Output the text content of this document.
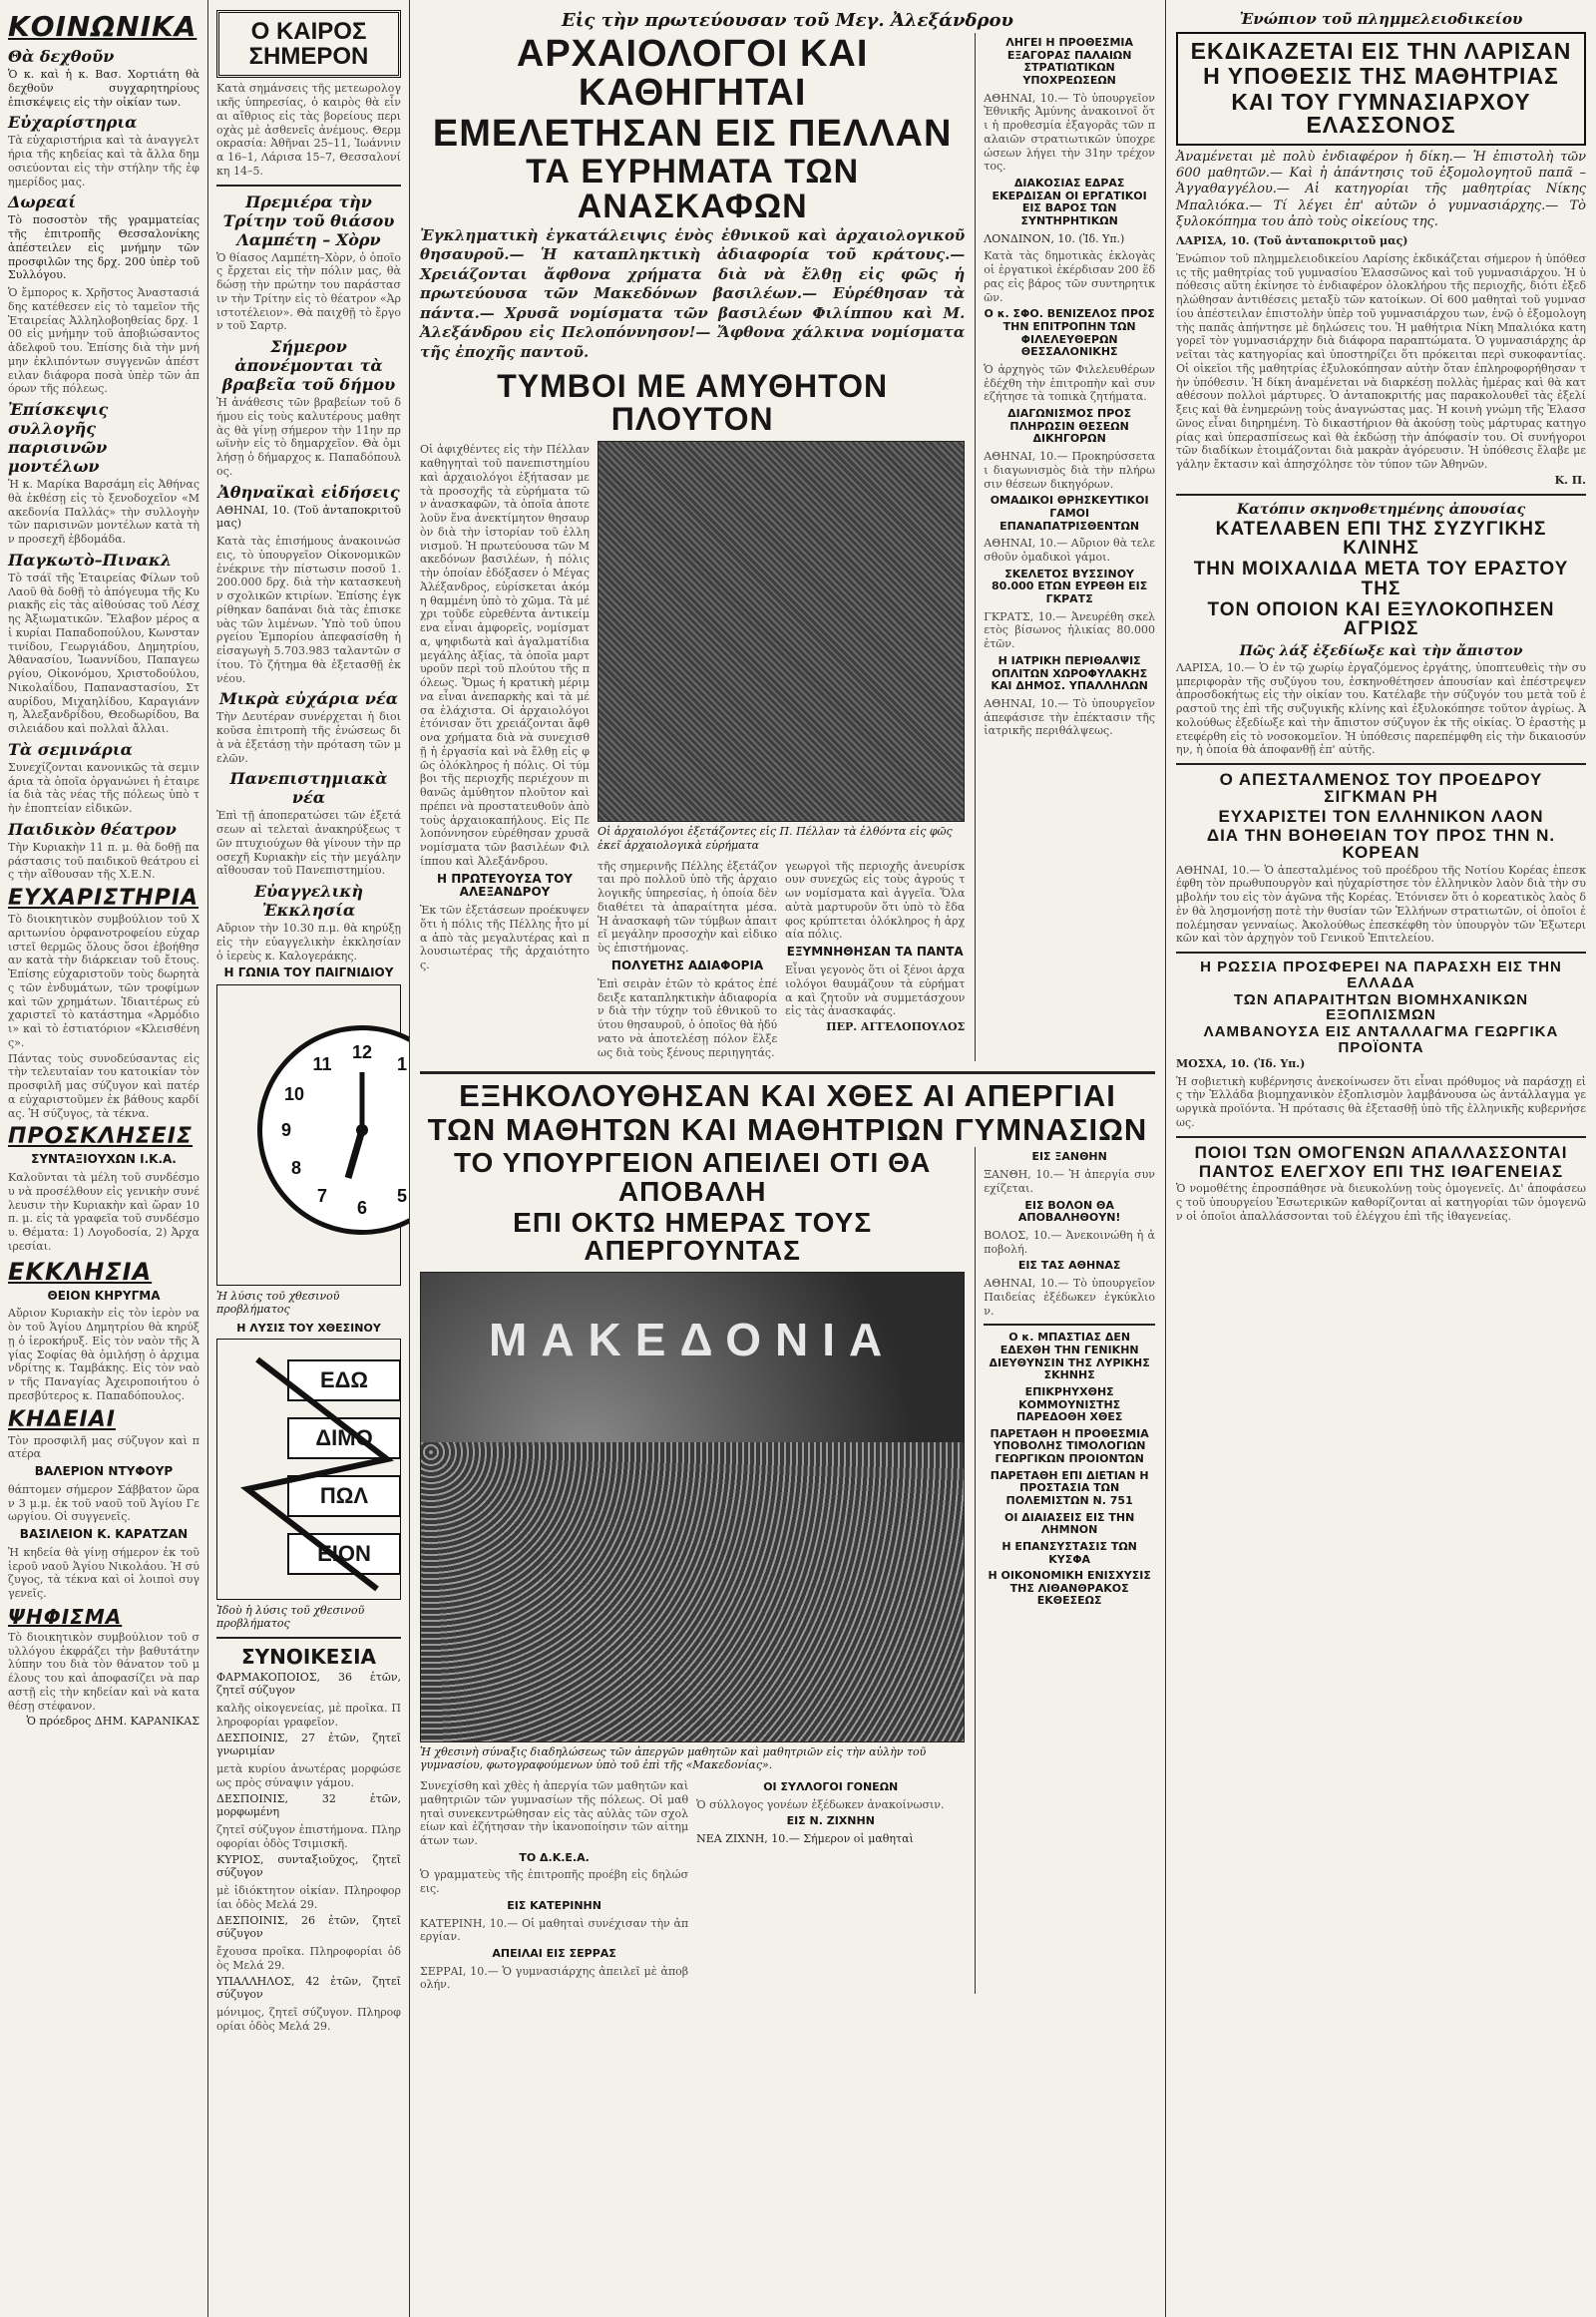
ΚΟΙΝΩΝΙΚΑ
Θὰ δεχθοῦν
Ὁ κ. καὶ ἡ κ. Βασ. Χορτιάτη θὰ δεχθοῦν συγχαρητηρίους ἐπισκέψεις εἰς τὴν οἰκίαν των.
Εὐχαρίστηρια
Τὰ εὐχαριστήρια καὶ τὰ ἀναγγελτήρια τῆς κηδείας καὶ τὰ ἄλλα δημοσιεύονται εἰς τὴν στήλην τῆς ἐφημερίδος μας.
Δωρεαί
Τὸ ποσοστὸν τῆς γραμματείας τῆς ἐπιτροπῆς Θεσσαλονίκης ἀπέστειλεν εἰς μνήμην τῶν προσφιλῶν της δρχ. 200 ὑπὲρ τοῦ Συλλόγου.
Ὁ ἔμπορος κ. Χρῆστος Ἀναστασιάδης κατέθεσεν εἰς τὸ ταμεῖον τῆς Ἑταιρείας Ἀλληλοβοηθείας δρχ. 100 εἰς μνήμην τοῦ ἀποβιώσαντος ἀδελφοῦ του. Ἐπίσης διὰ τὴν μνήμην ἐκλιπόντων συγγενῶν ἀπέστειλαν διάφορα ποσὰ ὑπὲρ τῶν ἀπόρων τῆς πόλεως.
Ἐπίσκεψις συλλογῆς παρισινῶν μοντέλων
Ἡ κ. Μαρίκα Βαρσάμη εἰς Ἀθήνας θὰ ἐκθέσῃ εἰς τὸ ξενοδοχεῖον «Μακεδονία Παλλάς» τὴν συλλογὴν τῶν παρισινῶν μοντέλων κατὰ τὴν προσεχῆ ἑβδομάδα.
Παγκωτὸ–Πινακλ
Τὸ τσάϊ τῆς Ἑταιρείας Φίλων τοῦ Λαοῦ θὰ δοθῇ τὸ ἀπόγευμα τῆς Κυριακῆς εἰς τὰς αἰθούσας τοῦ Λέσχης Ἀξιωματικῶν. Ἔλαβον μέρος αἱ κυρίαι Παπαδοπούλου, Κωνσταντινίδου, Γεωργιάδου, Δημητρίου, Ἀθανασίου, Ἰωαννίδου, Παπαγεωργίου, Οἰκονόμου, Χριστοδούλου, Νικολαΐδου, Παπαναστασίου, Σταυρίδου, Μιχαηλίδου, Καραγιάννη, Ἀλεξανδρίδου, Θεοδωρίδου, Βασιλειάδου καὶ πολλαὶ ἄλλαι.
Τὰ σεμινάρια
Συνεχίζονται κανονικῶς τὰ σεμινάρια τὰ ὁποῖα ὀργανώνει ἡ ἑταιρεία διὰ τὰς νέας τῆς πόλεως ὑπὸ τὴν ἐποπτείαν εἰδικῶν.
Παιδικὸν θέατρον
Τὴν Κυριακὴν 11 π. μ. θὰ δοθῇ παράστασις τοῦ παιδικοῦ θεάτρου εἰς τὴν αἴθουσαν τῆς Χ.Ε.Ν.
ΕΥΧΑΡΙΣΤΗΡΙΑ
Τὸ διοικητικὸν συμβούλιον τοῦ Χαριτωνίου ὁρφανοτροφείου εὐχαριστεῖ θερμῶς ὅλους ὅσοι ἐβοήθησαν κατὰ τὴν διάρκειαν τοῦ ἔτους. Ἐπίσης εὐχαριστοῦν τοὺς δωρητὰς τῶν ἐνδυμάτων, τῶν τροφίμων καὶ τῶν χρημάτων. Ἰδιαιτέρως εὐχαριστεῖ τὸ κατάστημα «Ἀρμόδιοι» καὶ τὸ ἑστιατόριον «Κλεισθένης».
Πάντας τοὺς συνοδεύσαντας εἰς τὴν τελευταίαν του κατοικίαν τὸν προσφιλῆ μας σύζυγον καὶ πατέρα εὐχαριστοῦμεν ἐκ βάθους καρδίας. Ἡ σύζυγος, τὰ τέκνα.
ΠΡΟΣΚΛΗΣΕΙΣ
ΣΥΝΤΑΞΙΟΥΧΩΝ Ι.Κ.Α.
Καλοῦνται τὰ μέλη τοῦ συνδέσμου νὰ προσέλθουν εἰς γενικὴν συνέλευσιν τὴν Κυριακὴν καὶ ὥραν 10 π. μ. εἰς τὰ γραφεῖα τοῦ συνδέσμου. Θέματα: 1) Λογοδοσία, 2) Ἀρχαιρεσίαι.
ΕΚΚΛΗΣΙΑ
ΘΕΙΟΝ ΚΗΡΥΓΜΑ
Αὔριον Κυριακὴν εἰς τὸν ἱερὸν ναὸν τοῦ Ἁγίου Δημητρίου θὰ κηρύξῃ ὁ ἱεροκήρυξ. Εἰς τὸν ναὸν τῆς Ἁγίας Σοφίας θὰ ὁμιλήσῃ ὁ ἀρχιμανδρίτης κ. Ταμβάκης. Εἰς τὸν ναὸν τῆς Παναγίας Ἀχειροποιήτου ὁ πρεσβύτερος κ. Παπαδόπουλος.
ΚΗΔΕΙΑΙ
Τὸν προσφιλῆ μας σύζυγον καὶ πατέρα
ΒΑΛΕΡΙΟΝ ΝΤΥΦΟΥΡ
θάπτομεν σήμερον Σάββατον ὥραν 3 μ.μ. ἐκ τοῦ ναοῦ τοῦ Ἁγίου Γεωργίου. Οἱ συγγενεῖς.
ΒΑΣΙΛΕΙΟΝ Κ. ΚΑΡΑΤΖΑΝ
Ἡ κηδεία θὰ γίνῃ σήμερον ἐκ τοῦ ἱεροῦ ναοῦ Ἁγίου Νικολάου. Ἡ σύζυγος, τὰ τέκνα καὶ οἱ λοιποὶ συγγενεῖς.
ΨΗΦΙΣΜΑ
Τὸ διοικητικὸν συμβούλιον τοῦ συλλόγου ἐκφράζει τὴν βαθυτάτην λύπην του διὰ τὸν θάνατον τοῦ μέλους του καὶ ἀποφασίζει νὰ παραστῇ εἰς τὴν κηδείαν καὶ νὰ καταθέσῃ στέφανον.
Ὁ πρόεδρος ΔΗΜ. ΚΑΡΑΝΙΚΑΣ
Ο ΚΑΙΡΟΣ ΣΗΜΕΡΟΝ
Κατὰ σημάνσεις τῆς μετεωρολογικῆς ὑπηρεσίας, ὁ καιρὸς θὰ εἶναι αἴθριος εἰς τὰς βορείους περιοχὰς μὲ ἀσθενεῖς ἀνέμους. Θερμοκρασία: Ἀθῆναι 25–11, Ἰωάννινα 16–1, Λάρισα 15–7, Θεσσαλονίκη 14–5.
Πρεμιέρα τὴν Τρίτην τοῦ θιάσου Λαμπέτη – Χὸρν
Ὁ θίασος Λαμπέτη–Χὸρν, ὁ ὁποῖος ἔρχεται εἰς τὴν πόλιν μας, θὰ δώσῃ τὴν πρώτην του παράστασιν τὴν Τρίτην εἰς τὸ θέατρον «Ἀριστοτέλειον». Θὰ παιχθῇ τὸ ἔργον τοῦ Σαρτρ.
Σήμερον ἀπονέμονται τὰ βραβεῖα τοῦ δήμου
Ἡ ἀνάθεσις τῶν βραβείων τοῦ δήμου εἰς τοὺς καλυτέρους μαθητὰς θὰ γίνῃ σήμερον τὴν 11ην πρωϊνὴν εἰς τὸ δημαρχεῖον. Θὰ ὁμιλήσῃ ὁ δήμαρχος κ. Παπαδόπουλος.
Ἀθηναϊκαὶ εἰδήσεις
ΑΘΗΝΑΙ, 10. (Τοῦ ἀνταποκριτοῦ μας)
Κατὰ τὰς ἐπισήμους ἀνακοινώσεις, τὸ ὑπουργεῖον Οἰκονομικῶν ἐνέκρινε τὴν πίστωσιν ποσοῦ 1.200.000 δρχ. διὰ τὴν κατασκευὴν σχολικῶν κτιρίων. Ἐπίσης ἐγκρίθηκαν δαπάναι διὰ τὰς ἐπισκευὰς τῶν λιμένων. Ὑπὸ τοῦ ὑπουργείου Ἐμπορίου ἀπεφασίσθη ἡ εἰσαγωγὴ 5.703.983 ταλαντῶν σίτου. Τὸ ζήτημα θὰ ἐξετασθῇ ἐκ νέου.
Μικρὰ εὐχάρια νέα
Τὴν Δευτέραν συνέρχεται ἡ διοικοῦσα ἐπιτροπὴ τῆς ἑνώσεως διὰ νὰ ἐξετάσῃ τὴν πρόταση τῶν μελῶν.
Πανεπιστημιακὰ νέα
Ἐπὶ τῇ ἀποπερατώσει τῶν ἐξετάσεων αἱ τελεταὶ ἀνακηρύξεως τῶν πτυχιούχων θὰ γίνουν τὴν προσεχῆ Κυριακὴν εἰς τὴν μεγάλην αἴθουσαν τοῦ Πανεπιστημίου.
Εὐαγγελικὴ Ἐκκλησία
Αὔριον τὴν 10.30 π.μ. θὰ κηρύξῃ εἰς τὴν εὐαγγελικὴν ἐκκλησίαν ὁ ἱερεὺς κ. Καλογεράκης.
Η ΓΩΝΙΑ ΤΟΥ ΠΑΙΓΝΙΔΙΟΥ
12
1
5
6
7
8
9
10
11
Ἡ λύσις τοῦ χθεσινοῦ προβλήματος
Η ΛΥΣΙΣ ΤΟΥ ΧΘΕΣΙΝΟΥ
ΕΔΩ
ΔΙΜΟ
ΠΩΛ
ΕΙΟΝ
Ἰδοὺ ἡ λύσις τοῦ χθεσινοῦ προβλήματος
ΣΥΝΟΙΚΕΣΙΑ
ΦΑΡΜΑΚΟΠΟΙΟΣ, 36 ἐτῶν, ζητεῖ σύζυγον
καλῆς οἰκογενείας, μὲ προῖκα. Πληροφορίαι γραφεῖον.
ΔΕΣΠΟΙΝΙΣ, 27 ἐτῶν, ζητεῖ γνωριμίαν
μετὰ κυρίου ἀνωτέρας μορφώσεως πρὸς σύναψιν γάμου.
ΔΕΣΠΟΙΝΙΣ, 32 ἐτῶν, μορφωμένη
ζητεῖ σύζυγον ἐπιστήμονα. Πληροφορίαι ὁδὸς Τσιμισκῆ.
ΚΥΡΙΟΣ, συνταξιοῦχος, ζητεῖ σύζυγον
μὲ ἰδιόκτητον οἰκίαν. Πληροφορίαι ὁδὸς Μελά 29.
ΔΕΣΠΟΙΝΙΣ, 26 ἐτῶν, ζητεῖ σύζυγον
ἔχουσα προῖκα. Πληροφορίαι ὁδὸς Μελά 29.
ΥΠΑΛΛΗΛΟΣ, 42 ἐτῶν, ζητεῖ σύζυγον
μόνιμος, ζητεῖ σύζυγον. Πληροφορίαι ὁδὸς Μελά 29.
Εἰς τὴν πρωτεύουσαν τοῦ Μεγ. Ἀλεξάνδρου
ΑΡΧΑΙΟΛΟΓΟΙ ΚΑΙ ΚΑΘΗΓΗΤΑΙ
ΕΜΕΛΕΤΗΣΑΝ ΕΙΣ ΠΕΛΛΑΝ
ΤΑ ΕΥΡΗΜΑΤΑ ΤΩΝ ΑΝΑΣΚΑΦΩΝ
Ἐγκληματικὴ ἐγκατάλειψις ἑνὸς ἐθνικοῦ καὶ ἀρχαιολογικοῦ θησαυροῦ.— Ἡ καταπληκτικὴ ἀδιαφορία τοῦ κράτους.— Χρειάζονται ἄφθονα χρήματα διὰ νὰ ἔλθῃ εἰς φῶς ἡ πρωτεύουσα τῶν Μακεδόνων βασιλέων.— Εὑρέθησαν τὰ πάντα.— Χρυσᾶ νομίσματα τῶν βασιλέων Φιλίππου καὶ Μ. Ἀλεξάνδρου εἰς Πελοπόννησον!— Ἄφθονα χάλκινα νομίσματα τῆς ἐποχῆς παντοῦ.
ΤΥΜΒΟΙ ΜΕ ΑΜΥΘΗΤΟΝ ΠΛΟΥΤΟΝ
Οἱ ἀφιχθέντες εἰς τὴν Πέλλαν καθηγηταὶ τοῦ πανεπιστημίου καὶ ἀρχαιολόγοι ἐξήτασαν μετὰ προσοχῆς τὰ εὑρήματα τῶν ἀνασκαφῶν, τὰ ὁποῖα ἀποτελοῦν ἕνα ἀνεκτίμητον θησαυρὸν διὰ τὴν ἱστορίαν τοῦ ἑλληνισμοῦ. Ἡ πρωτεύουσα τῶν Μακεδόνων βασιλέων, ἡ πόλις τὴν ὁποίαν ἐδόξασεν ὁ Μέγας Ἀλέξανδρος, εὑρίσκεται ἀκόμη θαμμένη ὑπὸ τὸ χῶμα. Τὰ μέχρι τοῦδε εὑρεθέντα ἀντικείμενα εἶναι ἀμφορεῖς, νομίσματα, ψηφιδωτὰ καὶ ἀγαλματίδια μεγάλης ἀξίας, τὰ ὁποῖα μαρτυροῦν περὶ τοῦ πλούτου τῆς πόλεως. Ὅμως ἡ κρατικὴ μέριμνα εἶναι ἀνεπαρκὴς καὶ τὰ μέσα ἐλάχιστα. Οἱ ἀρχαιολόγοι ἐτόνισαν ὅτι χρειάζονται ἄφθονα χρήματα διὰ νὰ συνεχισθῇ ἡ ἐργασία καὶ νὰ ἔλθῃ εἰς φῶς ὁλόκληρος ἡ πόλις. Οἱ τύμβοι τῆς περιοχῆς περιέχουν πιθανῶς ἀμύθητον πλοῦτον καὶ πρέπει νὰ προστατευθοῦν ἀπὸ τοὺς ἀρχαιοκαπήλους. Εἰς Πελοπόννησον εὑρέθησαν χρυσᾶ νομίσματα τῶν βασιλέων Φιλίππου καὶ Ἀλεξάνδρου.
Η ΠΡΩΤΕΥΟΥΣΑ ΤΟΥ ΑΛΕΞΑΝΔΡΟΥ
Ἐκ τῶν ἐξετάσεων προέκυψεν ὅτι ἡ πόλις τῆς Πέλλης ἦτο μία ἀπὸ τὰς μεγαλυτέρας καὶ πλουσιωτέρας τῆς ἀρχαιότητος.
Οἱ ἀρχαιολόγοι ἐξετάζοντες εἰς Π. Πέλλαν τὰ ἐλθόντα εἰς φῶς ἐκεῖ ἀρχαιολογικὰ εὑρήματα
τῆς σημερινῆς Πέλλης ἐξετάζονται πρὸ πολλοῦ ὑπὸ τῆς ἀρχαιολογικῆς ὑπηρεσίας, ἡ ὁποία δὲν διαθέτει τὰ ἀπαραίτητα μέσα. Ἡ ἀνασκαφὴ τῶν τύμβων ἀπαιτεῖ μεγάλην προσοχὴν καὶ εἰδικοὺς ἐπιστήμονας.
ΠΟΛΥΕΤΗΣ ΑΔΙΑΦΟΡΙΑ
Ἐπὶ σειρὰν ἐτῶν τὸ κράτος ἐπέδειξε καταπληκτικὴν ἀδιαφορίαν διὰ τὴν τύχην τοῦ ἐθνικοῦ τούτου θησαυροῦ, ὁ ὁποῖος θὰ ἠδύνατο νὰ ἀποτελέσῃ πόλον ἕλξεως διὰ τοὺς ξένους περιηγητάς.
γεωργοὶ τῆς περιοχῆς ἀνευρίσκουν συνεχῶς εἰς τοὺς ἀγρούς των νομίσματα καὶ ἀγγεῖα. Ὅλα αὐτὰ μαρτυροῦν ὅτι ὑπὸ τὸ ἔδαφος κρύπτεται ὁλόκληρος ἡ ἀρχαία πόλις.
ΕΞΥΜΝΗΘΗΣΑΝ ΤΑ ΠΑΝΤΑ
Εἶναι γεγονὸς ὅτι οἱ ξένοι ἀρχαιολόγοι θαυμάζουν τὰ εὑρήματα καὶ ζητοῦν νὰ συμμετάσχουν εἰς τὰς ἀνασκαφάς.
ΠΕΡ. ΑΓΓΕΛΟΠΟΥΛΟΣ
ΛΗΓΕΙ Η ΠΡΟΘΕΣΜΙΑ ΕΞΑΓΟΡΑΣ ΠΑΛΑΙΩΝ ΣΤΡΑΤΙΩΤΙΚΩΝ ΥΠΟΧΡΕΩΣΕΩΝ
ΑΘΗΝΑΙ, 10.— Τὸ ὑπουργεῖον Ἐθνικῆς Ἀμύνης ἀνακοινοῖ ὅτι ἡ προθεσμία ἐξαγορᾶς τῶν παλαιῶν στρατιωτικῶν ὑποχρεώσεων λήγει τὴν 31ην τρέχοντος.
ΔΙΑΚΟΣΙΑΣ ΕΔΡΑΣ ΕΚΕΡΔΙΣΑΝ ΟΙ ΕΡΓΑΤΙΚΟΙ ΕΙΣ ΒΑΡΟΣ ΤΩΝ ΣΥΝΤΗΡΗΤΙΚΩΝ
ΛΟΝΔΙΝΟΝ, 10. (Ἰδ. Υπ.)
Κατὰ τὰς δημοτικὰς ἐκλογὰς οἱ ἐργατικοὶ ἐκέρδισαν 200 ἕδρας εἰς βάρος τῶν συντηρητικῶν.
Ο κ. ΣΦΟ. ΒΕΝΙΖΕΛΟΣ ΠΡΟΣ ΤΗΝ ΕΠΙΤΡΟΠΗΝ ΤΩΝ ΦΙΛΕΛΕΥΘΕΡΩΝ ΘΕΣΣΑΛΟΝΙΚΗΣ
Ὁ ἀρχηγὸς τῶν Φιλελευθέρων ἐδέχθη τὴν ἐπιτροπὴν καὶ συνεζήτησε τὰ τοπικὰ ζητήματα.
ΔΙΑΓΩΝΙΣΜΟΣ ΠΡΟΣ ΠΛΗΡΩΣΙΝ ΘΕΣΕΩΝ ΔΙΚΗΓΟΡΩΝ
ΑΘΗΝΑΙ, 10.— Προκηρύσσεται διαγωνισμὸς διὰ τὴν πλήρωσιν θέσεων δικηγόρων.
ΟΜΑΔΙΚΟΙ ΘΡΗΣΚΕΥΤΙΚΟΙ ΓΑΜΟΙ ΕΠΑΝΑΠΑΤΡΙΣΘΕΝΤΩΝ
ΑΘΗΝΑΙ, 10.— Αὔριον θὰ τελεσθοῦν ὁμαδικοὶ γάμοι.
ΣΚΕΛΕΤΟΣ ΒΥΣΣΙΝΟΥ 80.000 ΕΤΩΝ ΕΥΡΕΘΗ ΕΙΣ ΓΚΡΑΤΣ
ΓΚΡΑΤΣ, 10.— Ἀνευρέθη σκελετὸς βίσωνος ἡλικίας 80.000 ἐτῶν.
Η ΙΑΤΡΙΚΗ ΠΕΡΙΘΑΛΨΙΣ ΟΠΛΙΤΩΝ ΧΩΡΟΦΥΛΑΚΗΣ ΚΑΙ ΔΗΜΟΣ. ΥΠΑΛΛΗΛΩΝ
ΑΘΗΝΑΙ, 10.— Τὸ ὑπουργεῖον ἀπεφάσισε τὴν ἐπέκτασιν τῆς ἰατρικῆς περιθάλψεως.
ΕΞΗΚΟΛΟΥΘΗΣΑΝ ΚΑΙ ΧΘΕΣ ΑΙ ΑΠΕΡΓΙΑΙ
ΤΩΝ ΜΑΘΗΤΩΝ ΚΑΙ ΜΑΘΗΤΡΙΩΝ ΓΥΜΝΑΣΙΩΝ
ΤΟ ΥΠΟΥΡΓΕΙΟΝ ΑΠΕΙΛΕΙ ΟΤΙ ΘΑ ΑΠΟΒΑΛΗ
ΕΠΙ ΟΚΤΩ ΗΜΕΡΑΣ ΤΟΥΣ ΑΠΕΡΓΟΥΝΤΑΣ
ΜΑΚΕΔΟΝΙΑ
Ἡ χθεσινὴ σύναξις διαδηλώσεως τῶν ἀπεργῶν μαθητῶν καὶ μαθητριῶν εἰς τὴν αὐλὴν τοῦ γυμνασίου, φωτογραφούμενων ὑπὸ τοῦ ἐπὶ τῆς «Μακεδονίας».
Συνεχίσθη καὶ χθὲς ἡ ἀπεργία τῶν μαθητῶν καὶ μαθητριῶν τῶν γυμνασίων τῆς πόλεως. Οἱ μαθηταὶ συνεκεντρώθησαν εἰς τὰς αὐλὰς τῶν σχολείων καὶ ἐζήτησαν τὴν ἱκανοποίησιν τῶν αἰτημάτων των.
ΤΟ Δ.Κ.Ε.Α.
Ὁ γραμματεὺς τῆς ἐπιτροπῆς προέβη εἰς δηλώσεις.
ΕΙΣ ΚΑΤΕΡΙΝΗΝ
ΚΑΤΕΡΙΝΗ, 10.— Οἱ μαθηταὶ συνέχισαν τὴν ἀπεργίαν.
ΑΠΕΙΛΑΙ ΕΙΣ ΣΕΡΡΑΣ
ΣΕΡΡΑΙ, 10.— Ὁ γυμνασιάρχης ἀπειλεῖ μὲ ἀποβολήν.
ΟΙ ΣΥΛΛΟΓΟΙ ΓΟΝΕΩΝ
Ὁ σύλλογος γονέων ἐξέδωκεν ἀνακοίνωσιν.
ΕΙΣ Ν. ΖΙΧΝΗΝ
ΝΕΑ ΖΙΧΝΗ, 10.— Σήμερον οἱ μαθηταὶ
ΕΙΣ ΞΑΝΘΗΝ
ΞΑΝΘΗ, 10.— Ἡ ἀπεργία συνεχίζεται.
ΕΙΣ ΒΟΛΟΝ ΘΑ ΑΠΟΒΑΛΗΘΟΥΝ!
ΒΟΛΟΣ, 10.— Ἀνεκοινώθη ἡ ἀποβολή.
ΕΙΣ ΤΑΣ ΑΘΗΝΑΣ
ΑΘΗΝΑΙ, 10.— Τὸ ὑπουργεῖον Παιδείας ἐξέδωκεν ἐγκύκλιον.
Ο κ. ΜΠΑΣΤΙΑΣ ΔΕΝ ΕΔΕΧΘΗ ΤΗΝ ΓΕΝΙΚΗΝ ΔΙΕΥΘΥΝΣΙΝ ΤΗΣ ΛΥΡΙΚΗΣ ΣΚΗΝΗΣ
ΕΠΙΚΡΗΥΧΘΗΣ ΚΟΜΜΟΥΝΙΣΤΗΣ ΠΑΡΕΔΟΘΗ ΧΘΕΣ
ΠΑΡΕΤΑΘΗ Η ΠΡΟΘΕΣΜΙΑ ΥΠΟΒΟΛΗΣ ΤΙΜΟΛΟΓΙΩΝ ΓΕΩΡΓΙΚΩΝ ΠΡΟΙΟΝΤΩΝ
ΠΑΡΕΤΑΘΗ ΕΠΙ ΔΙΕΤΙΑΝ Η ΠΡΟΣΤΑΣΙΑ ΤΩΝ ΠΟΛΕΜΙΣΤΩΝ Ν. 751
ΟΙ ΔΙΑΙΑΣΕΙΣ ΕΙΣ ΤΗΝ ΛΗΜΝΟΝ
Η ΕΠΑΝΣΥΣΤΑΣΙΣ ΤΩΝ ΚΥΣΦΑ
Η ΟΙΚΟΝΟΜΙΚΗ ΕΝΙΣΧΥΣΙΣ ΤΗΣ ΛΙΘΑΝΘΡΑΚΟΣ ΕΚΘΕΣΕΩΣ
Ἐνώπιον τοῦ πλημμελειοδικείου
ΕΚΔΙΚΑΖΕΤΑΙ ΕΙΣ ΤΗΝ ΛΑΡΙΣΑΝ
Η ΥΠΟΘΕΣΙΣ ΤΗΣ ΜΑΘΗΤΡΙΑΣ
ΚΑΙ ΤΟΥ ΓΥΜΝΑΣΙΑΡΧΟΥ ΕΛΑΣΣΟΝΟΣ
Ἀναμένεται μὲ πολὺ ἐνδιαφέρον ἡ δίκη.— Ἡ ἐπιστολὴ τῶν 600 μαθητῶν.— Καὶ ἡ ἀπάντησις τοῦ ἐξομολογητοῦ παπᾶ – Ἀγγαθαγγέλου.— Αἱ κατηγορίαι τῆς μαθητρίας Νίκης Μπαλιόκα.— Τί λέγει ἐπ' αὐτῶν ὁ γυμνασιάρχης.— Τὸ ξυλοκόπημα του ἀπὸ τοὺς οἰκείους της.
ΛΑΡΙΣΑ, 10. (Τοῦ ἀνταποκριτοῦ μας)
Ἐνώπιον τοῦ πλημμελειοδικείου Λαρίσης ἐκδικάζεται σήμερον ἡ ὑπόθεσις τῆς μαθητρίας τοῦ γυμνασίου Ἐλασσῶνος καὶ τοῦ γυμνασιάρχου. Ἡ ὑπόθεσις αὕτη ἐκίνησε τὸ ἐνδιαφέρον ὁλοκλήρου τῆς περιοχῆς, διότι ἐξεδηλώθησαν ἀντιθέσεις μεταξὺ τῶν κατοίκων. Οἱ 600 μαθηταὶ τοῦ γυμνασίου ἀπέστειλαν ἐπιστολὴν ὑπὲρ τοῦ γυμνασιάρχου των, ἐνῷ ὁ ἐξομολογητὴς παπᾶς ἀπήντησε μὲ δηλώσεις του. Ἡ μαθήτρια Νίκη Μπαλιόκα κατηγορεῖ τὸν γυμνασιάρχην διὰ διάφορα παραπτώματα. Ὁ γυμνασιάρχης ἀρνεῖται τὰς κατηγορίας καὶ ὑποστηρίζει ὅτι πρόκειται περὶ συκοφαντίας. Οἱ οἰκεῖοι τῆς μαθητρίας ἐξυλοκόπησαν αὐτὴν ὅταν ἐπληροφορήθησαν τὴν ὑπόθεσιν. Ἡ δίκη ἀναμένεται νὰ διαρκέσῃ πολλὰς ἡμέρας καὶ θὰ καταθέσουν πολλοὶ μάρτυρες. Ὁ ἀνταποκριτής μας παρακολουθεῖ τὰς ἐξελίξεις καὶ θὰ ἐνημερώνῃ τοὺς ἀναγνώστας μας. Ἡ κοινὴ γνώμη τῆς Ἐλασσῶνος εἶναι διηρημένη. Τὸ δικαστήριον θὰ ἀκούσῃ τοὺς μάρτυρας κατηγορίας καὶ ὑπερασπίσεως καὶ θὰ ἐκδώσῃ τὴν ἀπόφασίν του. Οἱ συνήγοροι τῶν διαδίκων ἑτοιμάζονται διὰ μακρὰν ἀγόρευσιν. Ἡ ὑπόθεσις ἔλαβε μεγάλην ἔκτασιν καὶ ἀπησχόλησε τὸν τύπον τῶν Ἀθηνῶν.
Κ. Π.
Κατόπιν σκηνοθετημένης ἀπουσίας
ΚΑΤΕΛΑΒΕΝ ΕΠΙ ΤΗΣ ΣΥΖΥΓΙΚΗΣ ΚΛΙΝΗΣ
ΤΗΝ ΜΟΙΧΑΛΙΔΑ ΜΕΤΑ ΤΟΥ ΕΡΑΣΤΟΥ ΤΗΣ
ΤΟΝ ΟΠΟΙΟΝ ΚΑΙ ΕΞΥΛΟΚΟΠΗΣΕΝ ΑΓΡΙΩΣ
Πῶς λάξ ἐξεδίωξε καὶ τὴν ἄπιστον
ΛΑΡΙΣΑ, 10.— Ὁ ἐν τῷ χωρίῳ ἐργαζόμενος ἐργάτης, ὑποπτευθεὶς τὴν συμπεριφορὰν τῆς συζύγου του, ἐσκηνοθέτησεν ἀπουσίαν καὶ ἐπέστρεψεν ἀπροσδοκήτως εἰς τὴν οἰκίαν του. Κατέλαβε τὴν σύζυγόν του μετὰ τοῦ ἐραστοῦ της ἐπὶ τῆς συζυγικῆς κλίνης καὶ ἐξυλοκόπησε τοῦτον ἀγρίως. Ἀκολούθως ἐξεδίωξε καὶ τὴν ἄπιστον σύζυγον ἐκ τῆς οἰκίας. Ὁ ἐραστὴς μετεφέρθη εἰς τὸ νοσοκομεῖον. Ἡ ὑπόθεσις παρεπέμφθη εἰς τὴν δικαιοσύνην, ἡ ὁποία θὰ ἀποφανθῇ ἐπ' αὐτῆς.
Ο ΑΠΕΣΤΑΛΜΕΝΟΣ ΤΟΥ ΠΡΟΕΔΡΟΥ ΣΙΓΚΜΑΝ ΡΗ
ΕΥΧΑΡΙΣΤΕΙ ΤΟΝ ΕΛΛΗΝΙΚΟΝ ΛΑΟΝ
ΔΙΑ ΤΗΝ ΒΟΗΘΕΙΑΝ ΤΟΥ ΠΡΟΣ ΤΗΝ Ν. ΚΟΡΕΑΝ
ΑΘΗΝΑΙ, 10.— Ὁ ἀπεσταλμένος τοῦ προέδρου τῆς Νοτίου Κορέας ἐπεσκέφθη τὸν πρωθυπουργὸν καὶ ηὐχαρίστησε τὸν ἑλληνικὸν λαὸν διὰ τὴν συμβολήν του εἰς τὸν ἀγῶνα τῆς Κορέας. Ἐτόνισεν ὅτι ὁ κορεατικὸς λαὸς δὲν θὰ λησμονήσῃ ποτὲ τὴν θυσίαν τῶν Ἑλλήνων στρατιωτῶν, οἱ ὁποῖοι ἐπολέμησαν γενναίως. Ἀκολούθως ἐπεσκέφθη τὸν ὑπουργὸν τῶν Ἐξωτερικῶν καὶ τὸν ἀρχηγὸν τοῦ Γενικοῦ Ἐπιτελείου.
Η ΡΩΣΣΙΑ ΠΡΟΣΦΕΡΕΙ ΝΑ ΠΑΡΑΣΧΗ ΕΙΣ ΤΗΝ ΕΛΛΑΔΑ
ΤΩΝ ΑΠΑΡΑΙΤΗΤΩΝ ΒΙΟΜΗΧΑΝΙΚΩΝ ΕΞΟΠΛΙΣΜΩΝ
ΛΑΜΒΑΝΟΥΣΑ ΕΙΣ ΑΝΤΑΛΛΑΓΜΑ ΓΕΩΡΓΙΚΑ ΠΡΟΪΟΝΤΑ
ΜΟΣΧΑ, 10. (Ἰδ. Υπ.)
Ἡ σοβιετικὴ κυβέρνησις ἀνεκοίνωσεν ὅτι εἶναι πρόθυμος νὰ παράσχῃ εἰς τὴν Ἑλλάδα βιομηχανικὸν ἐξοπλισμὸν λαμβάνουσα ὡς ἀντάλλαγμα γεωργικὰ προϊόντα. Ἡ πρότασις θὰ ἐξετασθῇ ὑπὸ τῆς ἑλληνικῆς κυβερνήσεως.
ΠΟΙΟΙ ΤΩΝ ΟΜΟΓΕΝΩΝ ΑΠΑΛΛΑΣΣΟΝΤΑΙ
ΠΑΝΤΟΣ ΕΛΕΓΧΟΥ ΕΠΙ ΤΗΣ ΙΘΑΓΕΝΕΙΑΣ
Ὁ νομοθέτης ἐπροσπάθησε νὰ διευκολύνῃ τοὺς ὁμογενεῖς. Δι' ἀποφάσεως τοῦ ὑπουργείου Ἐσωτερικῶν καθορίζονται αἱ κατηγορίαι τῶν ὁμογενῶν οἱ ὁποῖοι ἀπαλλάσσονται τοῦ ἐλέγχου ἐπὶ τῆς ἰθαγενείας.
